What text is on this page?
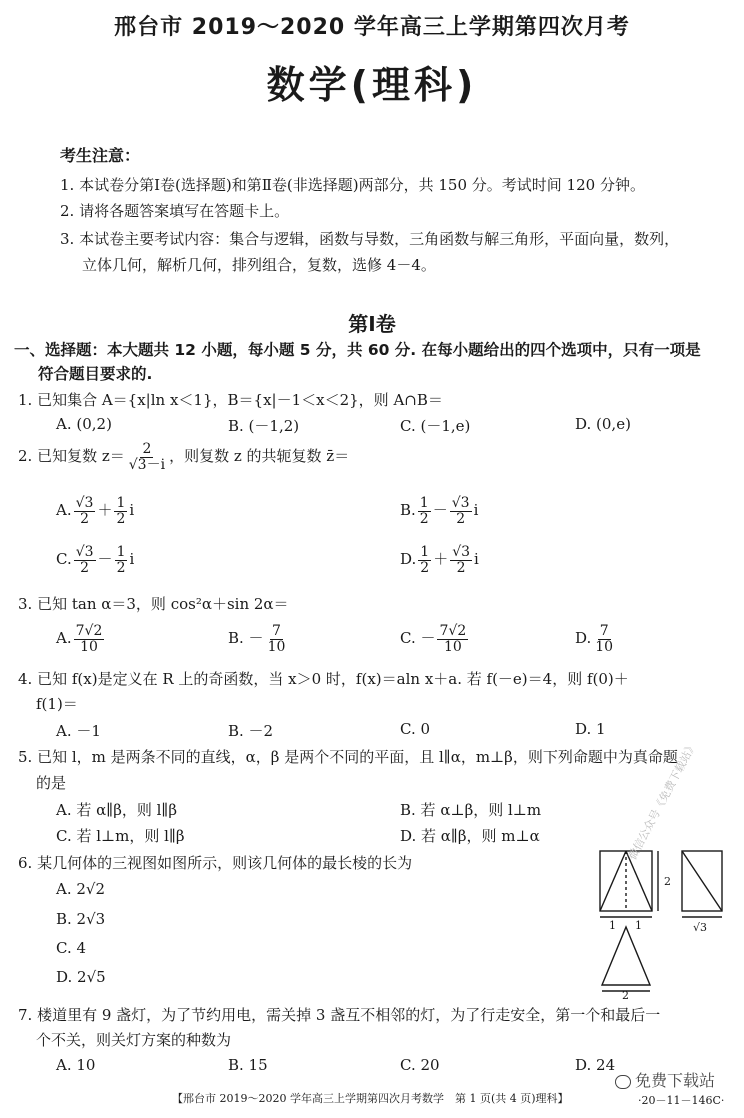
邢台市 2019～2020 学年高三上学期第四次月考
数学(理科)
考生注意：
1. 本试卷分第Ⅰ卷(选择题)和第Ⅱ卷(非选择题)两部分，共 150 分。考试时间 120 分钟。
2. 请将各题答案填写在答题卡上。
3. 本试卷主要考试内容：集合与逻辑，函数与导数，三角函数与解三角形，平面向量，数列，
立体几何，解析几何，排列组合，复数，选修 4－4。
第Ⅰ卷
一、选择题：本大题共 12 小题，每小题 5 分，共 60 分. 在每小题给出的四个选项中，只有一项是
符合题目要求的.
1. 已知集合 A＝{x|ln x＜1}，B＝{x|－1＜x＜2}，则 A∩B＝
A. (0,2)	B. (－1,2)	C. (－1,e)	D. (0,e)
2. 已知复数 $z= \frac{2}{√3-i}$ ，则复数 z 的共轭复数 z̄＝
A. $\frac{√3}{2} + \frac{1}{2}$ i	B. $\frac{1}{2} - \frac{√3}{2}$ i
C. $\frac{√3}{2} - \frac{1}{2}$ i	D. $\frac{1}{2} + \frac{√3}{2}$ i
3. 已知 tan α＝3，则 cos²α＋sin 2α＝
A. $\frac{7√2}{10}$	B. － $\frac{7}{10}$	C. － $\frac{7√2}{10}$	D. $\frac{7}{10}$
4. 已知 f(x)是定义在 R 上的奇函数，当 x＞0 时，f(x)＝aln x＋a. 若 f(－e)＝4，则 f(0)＋
f(1)＝
A. －1	B. －2	C. 0	D. 1
5. 已知 l，m 是两条不同的直线，α，β 是两个不同的平面，且 l∥α，m⊥β，则下列命题中为真命题
的是
A. 若 α∥β，则 l∥β	B. 若 α⊥β，则 l⊥m
C. 若 l⊥m，则 l∥β	D. 若 α∥β，则 m⊥α
6. 某几何体的三视图如图所示，则该几何体的最长棱的长为
A. 2√2
B. 2√3
C. 4
D. 2√5
2
1 1	√3
2
微信公众号《免费下载站》
7. 楼道里有 9 盏灯，为了节约用电，需关掉 3 盏互不相邻的灯，为了行走安全，第一个和最后一
个不关，则关灯方案的种数为
A. 10	B. 15	C. 20	D. 24
免费下载站
【邢台市 2019～2020 学年高三上学期第四次月考数学　第 1 页(共 4 页)理科】	·20－11－146C·
